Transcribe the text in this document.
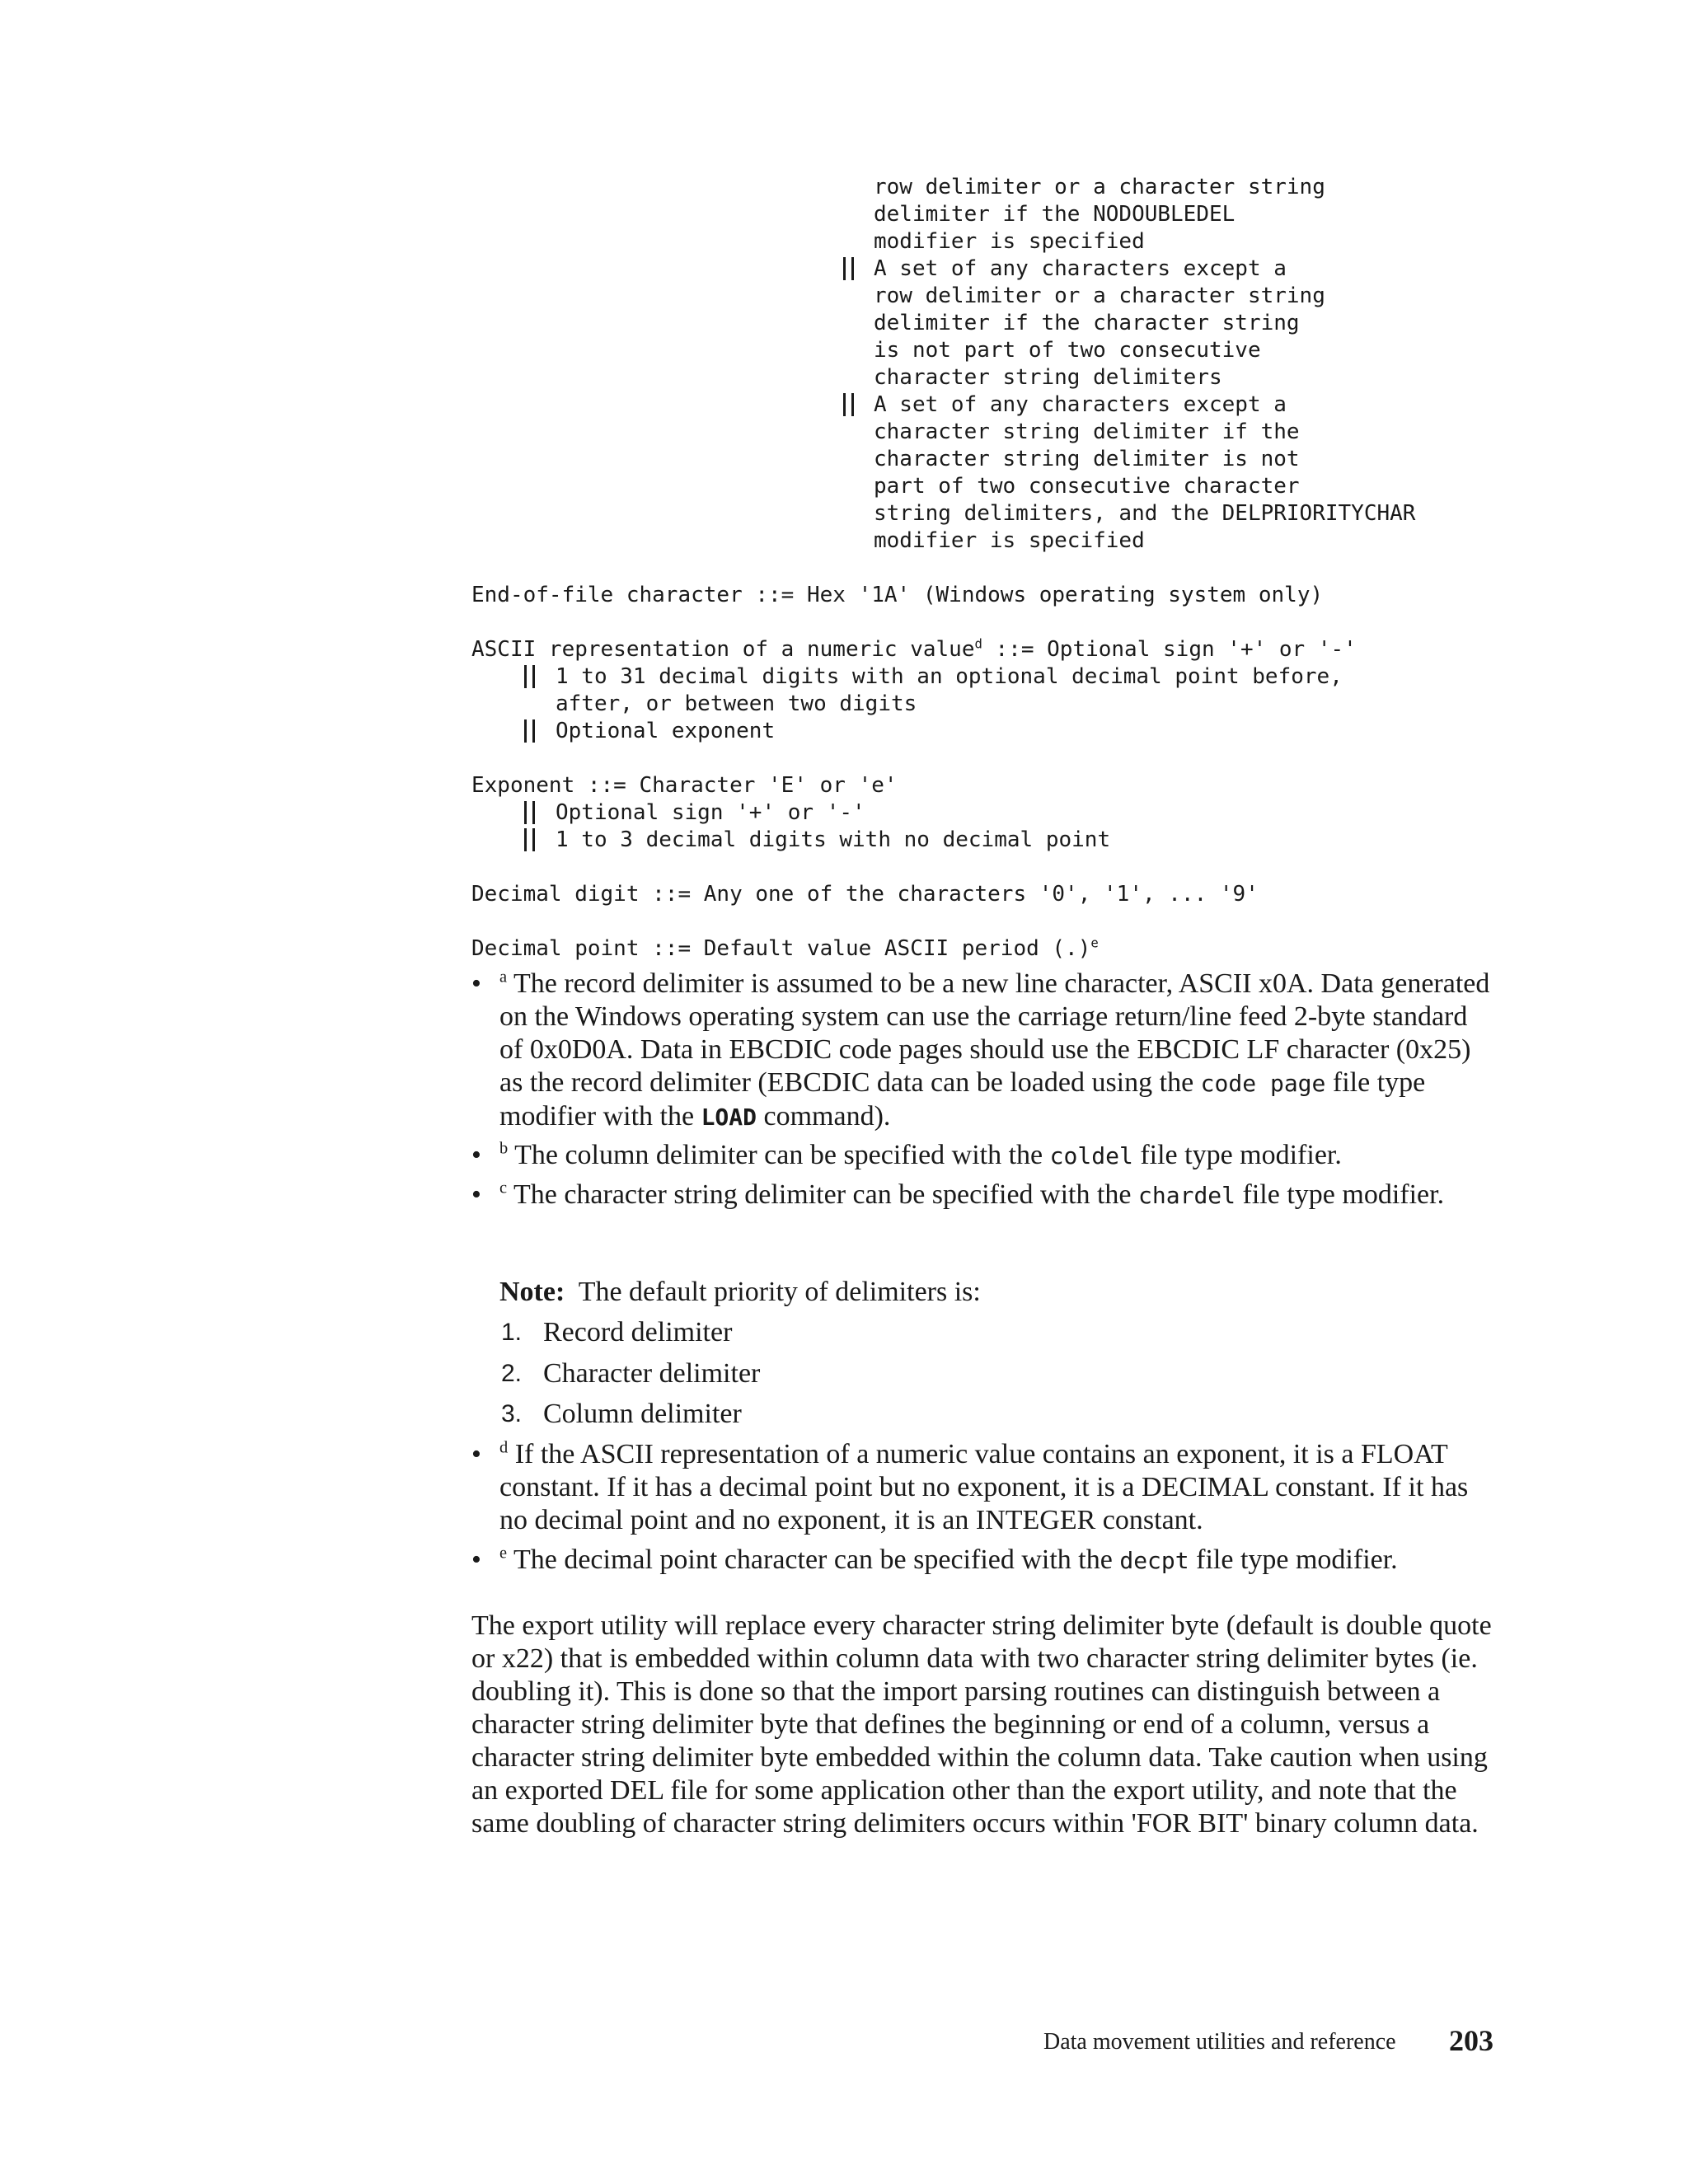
row delimiter or a character string
delimiter if the NODOUBLEDEL
modifier is specified
A set of any characters except a
row delimiter or a character string
delimiter if the character string
is not part of two consecutive
character string delimiters
A set of any characters except a
character string delimiter if the
character string delimiter is not
part of two consecutive character
string delimiters, and the DELPRIORITYCHAR
modifier is specified
End-of-file character ::= Hex '1A' (Windows operating system only)
ASCII representation of a numeric value$^d$ ::= Optional sign '+' or '-'
1 to 31 decimal digits with an optional decimal point before,
after, or between two digits
Optional exponent
Exponent ::= Character 'E' or 'e'
Optional sign '+' or '-'
1 to 3 decimal digits with no decimal point
Decimal digit ::= Any one of the characters '0', '1', ... '9'
Decimal point ::= Default value ASCII period (.)$^e$
• $^a$ The record delimiter is assumed to be a new line character, ASCII x0A. Data generated on the Windows operating system can use the carriage return/line feed 2-byte standard of 0x0D0A. Data in EBCDIC code pages should use the EBCDIC LF character (0x25) as the record delimiter (EBCDIC data can be loaded using the code page file type modifier with the LOAD command).
• $^b$ The column delimiter can be specified with the coldel file type modifier.
• $^c$ The character string delimiter can be specified with the chardel file type modifier.
Note: The default priority of delimiters is:
1. Record delimiter
2. Character delimiter
3. Column delimiter
• $^d$ If the ASCII representation of a numeric value contains an exponent, it is a FLOAT constant. If it has a decimal point but no exponent, it is a DECIMAL constant. If it has no decimal point and no exponent, it is an INTEGER constant.
• $^e$ The decimal point character can be specified with the decpt file type modifier.
The export utility will replace every character string delimiter byte (default is double quote or x22) that is embedded within column data with two character string delimiter bytes (ie. doubling it). This is done so that the import parsing routines can distinguish between a character string delimiter byte that defines the beginning or end of a column, versus a character string delimiter byte embedded within the column data. Take caution when using an exported DEL file for some application other than the export utility, and note that the same doubling of character string delimiters occurs within 'FOR BIT' binary column data.
Data movement utilities and reference 203
